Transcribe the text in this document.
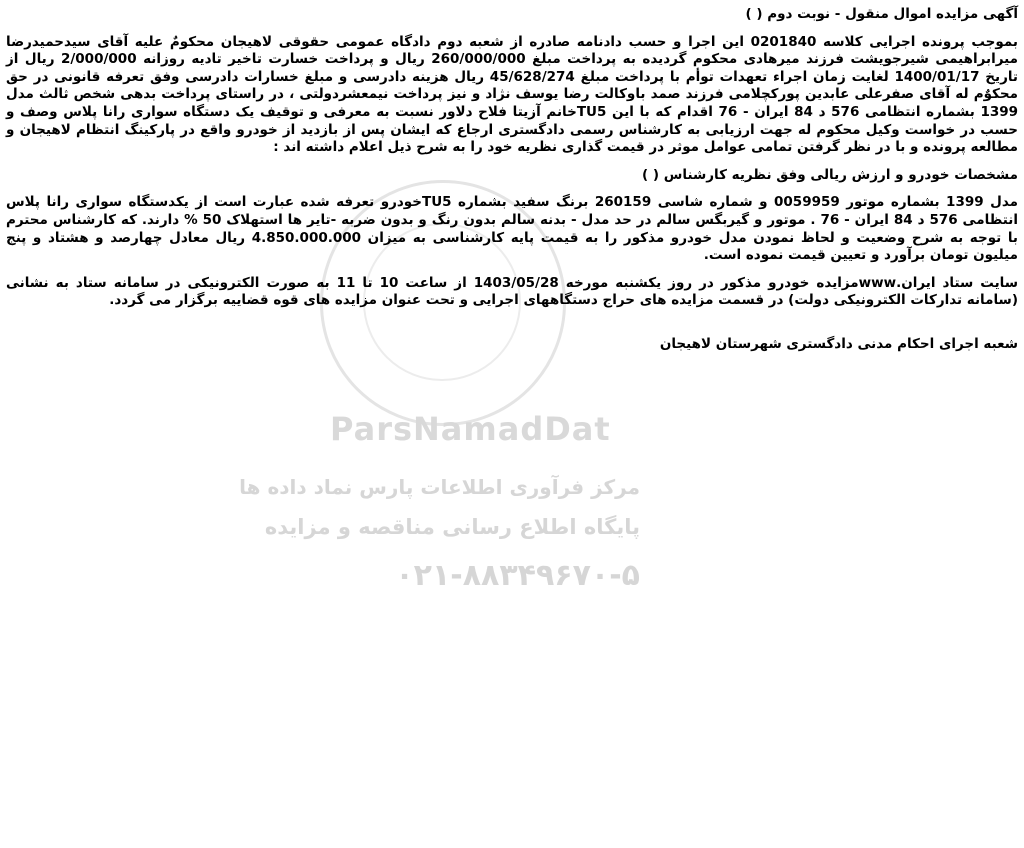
ParsNamadDat
مرکز فرآوری اطلاعات پارس نماد داده ها
پایگاه اطلاع رسانی مناقصه و مزایده
۰۲۱-۸۸۳۴۹۶۷۰-۵
آگهی مزایده اموال منقول - نوبت دوم ( )

بموجب پرونده اجرایی کلاسه 0201840 این اجرا و حسب دادنامه صادره از شعبه دوم دادگاه عمومی حقوقی لاهیجان محکومٌ علیه آقای سیدحمیدرضا میرابراهیمی شیرجویشت فرزند میرهادی محکوم گردیده به پرداخت مبلغ 260/000/000 ریال و پرداخت خسارت تاخیر تادیه روزانه 2/000/000 ریال از تاریخ 1400/01/17 لغایت زمان اجراء تعهدات توأم با پرداخت مبلغ 45/628/274 ریال هزینه دادرسی و مبلغ خسارات دادرسی وفق تعرفه قانونی در حق محکوٌم له آقای صفرعلی عابدین پورکچلامی فرزند صمد باوکالت رضا یوسف نژاد و نیز پرداخت نیمعشردولتی ، در راستای پرداخت بدهی شخص ثالث مدل 1399 بشماره انتظامی 576 د 84 ایران - 76 اقدام که با این TU5خانم آزیتا فلاح دلاور نسبت به معرفی و توقیف یک دستگاه سواری رانا پلاس وصف و حسب در خواست وکیل محکوم له جهت ارزیابی به کارشناس رسمی دادگستری ارجاع که ایشان پس از بازدید از خودرو واقع در پارکینگ انتظام لاهیجان و مطالعه پرونده و با در نظر گرفتن تمامی عوامل موثر در قیمت گذاری نظریه خود را به شرح ذیل اعلام داشته اند :

مشخصات خودرو و ارزش ریالی وفق نظریه کارشناس ( )

مدل 1399 بشماره موتور 0059959 و شماره شاسی 260159 برنگ سفید بشماره TU5خودرو تعرفه شده عبارت است از یکدستگاه سواری رانا پلاس انتظامی 576 د 84 ایران - 76 . موتور و گیربگس سالم در حد مدل - بدنه سالم بدون رنگ و بدون ضربه -تایر ها استهلاک 50 % دارند. که کارشناس محترم با توجه به شرح وضعیت و لحاظ نمودن مدل خودرو مذکور را به قیمت پایه کارشناسی به میزان 4.850.000.000 ریال معادل چهارصد و هشتاد و پنج میلیون تومان برآورد و تعیین قیمت نموده است.

سایت ستاد ایران.wwwمزایده خودرو مذکور در روز یکشنبه مورخه 1403/05/28 از ساعت 10 تا 11 به صورت الکترونیکی در سامانه ستاد به نشانی (سامانه تدارکات الکترونیکی دولت) در قسمت مزایده های حراج دستگاههای اجرایی و تحت عنوان مزایده های قوه قضاییه برگزار می گردد.

شعبه اجرای احکام مدنی دادگستری شهرستان لاهیجان
